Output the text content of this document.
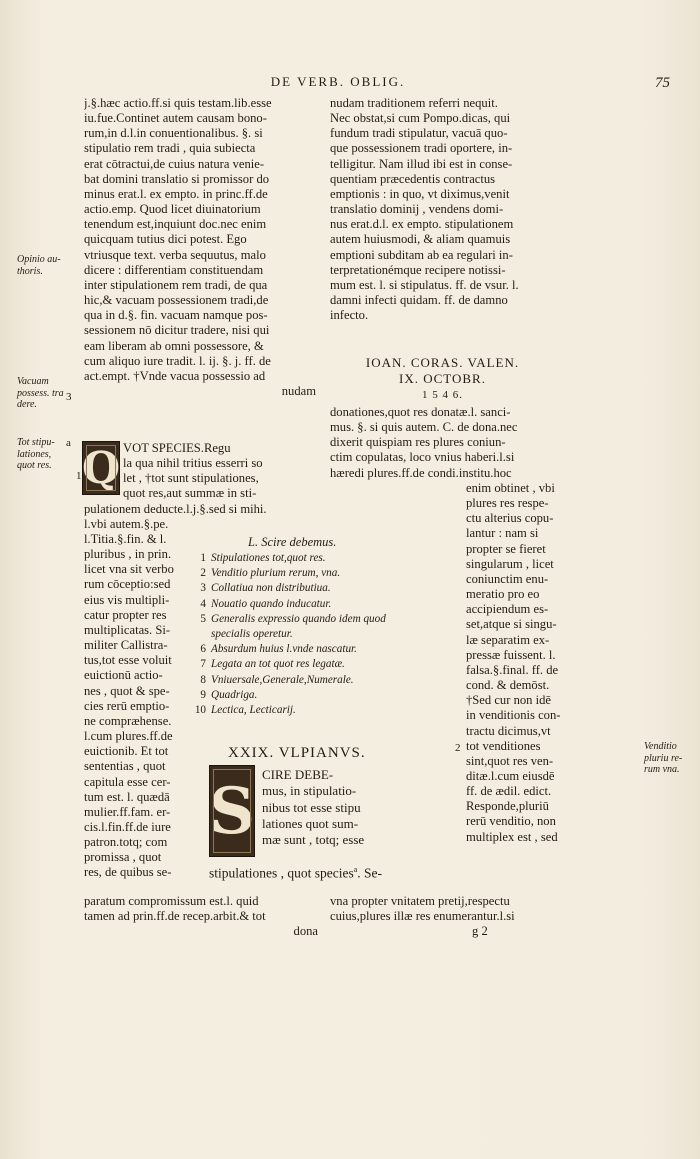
DE VERB. OBLIG.	75
Opinio au-
thoris.
Vacuam
possess. tra
dere.
3
Tot stipu-
lationes,
quot res.
a
1
Venditio
pluriu re-
rum vna.
2
j.§.hæc actio.ff.si quis testam.lib.esse
iu.fue.Continet autem causam bono-
rum,in d.l.in conuentionalibus. §. si
stipulatio rem tradi , quia subiecta
erat cōtractui,de cuius natura venie-
bat domini translatio si promissor do
minus erat.l. ex empto. in princ.ff.de
actio.emp. Quod licet diuinatorium
tenendum est,inquiunt doc.nec enim
quicquam tutius dici potest. Ego
vtriusque text. verba sequutus, malo
dicere : differentiam constituendam
inter stipulationem rem tradi, de qua
hic,& vacuam possessionem tradi,de
qua in d.§. fin. vacuam namque pos-
sessionem nō dicitur tradere, nisi qui
eam liberam ab omni possessore, &
cum aliquo iure tradit. l. ij. §. j. ff. de
act.empt. †Vnde vacua possessio ad
nudam
nudam traditionem referri nequit.
Nec obstat,si cum Pompo.dicas, qui
fundum tradi stipulatur, vacuā quo-
que possessionem tradi oportere, in-
telligitur. Nam illud ibi est in conse-
quentiam præcedentis contractus
emptionis : in quo, vt diximus,venit
translatio dominij , vendens domi-
nus erat.d.l. ex empto. stipulationem
autem huiusmodi, & aliam quamuis
emptioni subditam ab ea regulari in-
terpretationémque recipere notissi-
mum est. l. si stipulatus. ff. de vsur. l.
damni infecti quidam. ff. de damno
infecto.
IOAN. CORAS. VALEN.
IX. OCTOBR.
1 5 4 6.
Q VOT SPECIES.Regu
la qua nihil tritius esserri so
let , †tot sunt stipulationes,
quot res,aut summæ in sti-
pulationem deducte.l.j.§.sed si mihi.
l.vbi autem.§.pe.
l.Titia.§.fin. & l.
pluribus , in prin.
licet vna sit verbo
rum cōceptio:sed
eius vis multipli-
catur propter res
multiplicatas. Si-
militer Callistra-
tus,tot esse voluit
euictionū actio-
nes , quot & spe-
cies rerū emptio-
ne compræhense.
l.cum plures.ff.de
euictionib. Et tot
sententias , quot
capitula esse cer-
tum est. l. quædā
mulier.ff.fam. er-
cis.l.fin.ff.de iure
patron.totq; com
promissa , quot
res, de quibus se-
paratum compromissum est.l. quid
tamen ad prin.ff.de recep.arbit.& tot
dona
donationes,quot res donatæ.l. sanci-
mus. §. si quis autem. C. de dona.nec
dixerit quispiam res plures coniun-
ctim copulatas, loco vnius haberi.l.si
hæredi plures.ff.de condi.institu.hoc
enim obtinet , vbi
plures res respe-
ctu alterius copu-
lantur : nam si
propter se fieret
singularum , licet
coniunctim enu-
meratio pro eo
accipiendum es-
set,atque si singu-
læ separatim ex-
pressæ fuissent. l.
falsa.§.final. ff. de
cond. & demōst.
†Sed cur non idē
in venditionis con-
tractu dicimus,vt
tot venditiones
sint,quot res ven-
ditæ.l.cum eiusdē
ff. de ædil. edict.
Responde,pluriū
rerū venditio, non
multiplex est , sed
vna propter vnitatem pretij,respectu
cuius,plures illæ res enumerantur.l.si
g 2
L. Scire debemus.
1 Stipulationes tot,quot res.
2 Venditio plurium rerum, vna.
3 Collatiua non distributiua.
4 Nouatio quando inducatur.
5 Generalis expressio quando idem quod
specialis operetur.
6 Absurdum huius l.vnde nascatur.
7 Legata an tot quot res legatæ.
8 Vniuersale,Generale,Numerale.
9 Quadriga.
10 Lectica, Lecticarij.
XXIX. VLPIANVS.
S CIRE DEBE-
mus, in stipulatio-
nibus tot esse stipu
lationes quot sum-
mæ sunt , totq; esse
stipulationes , quot species$^a$. Se-
